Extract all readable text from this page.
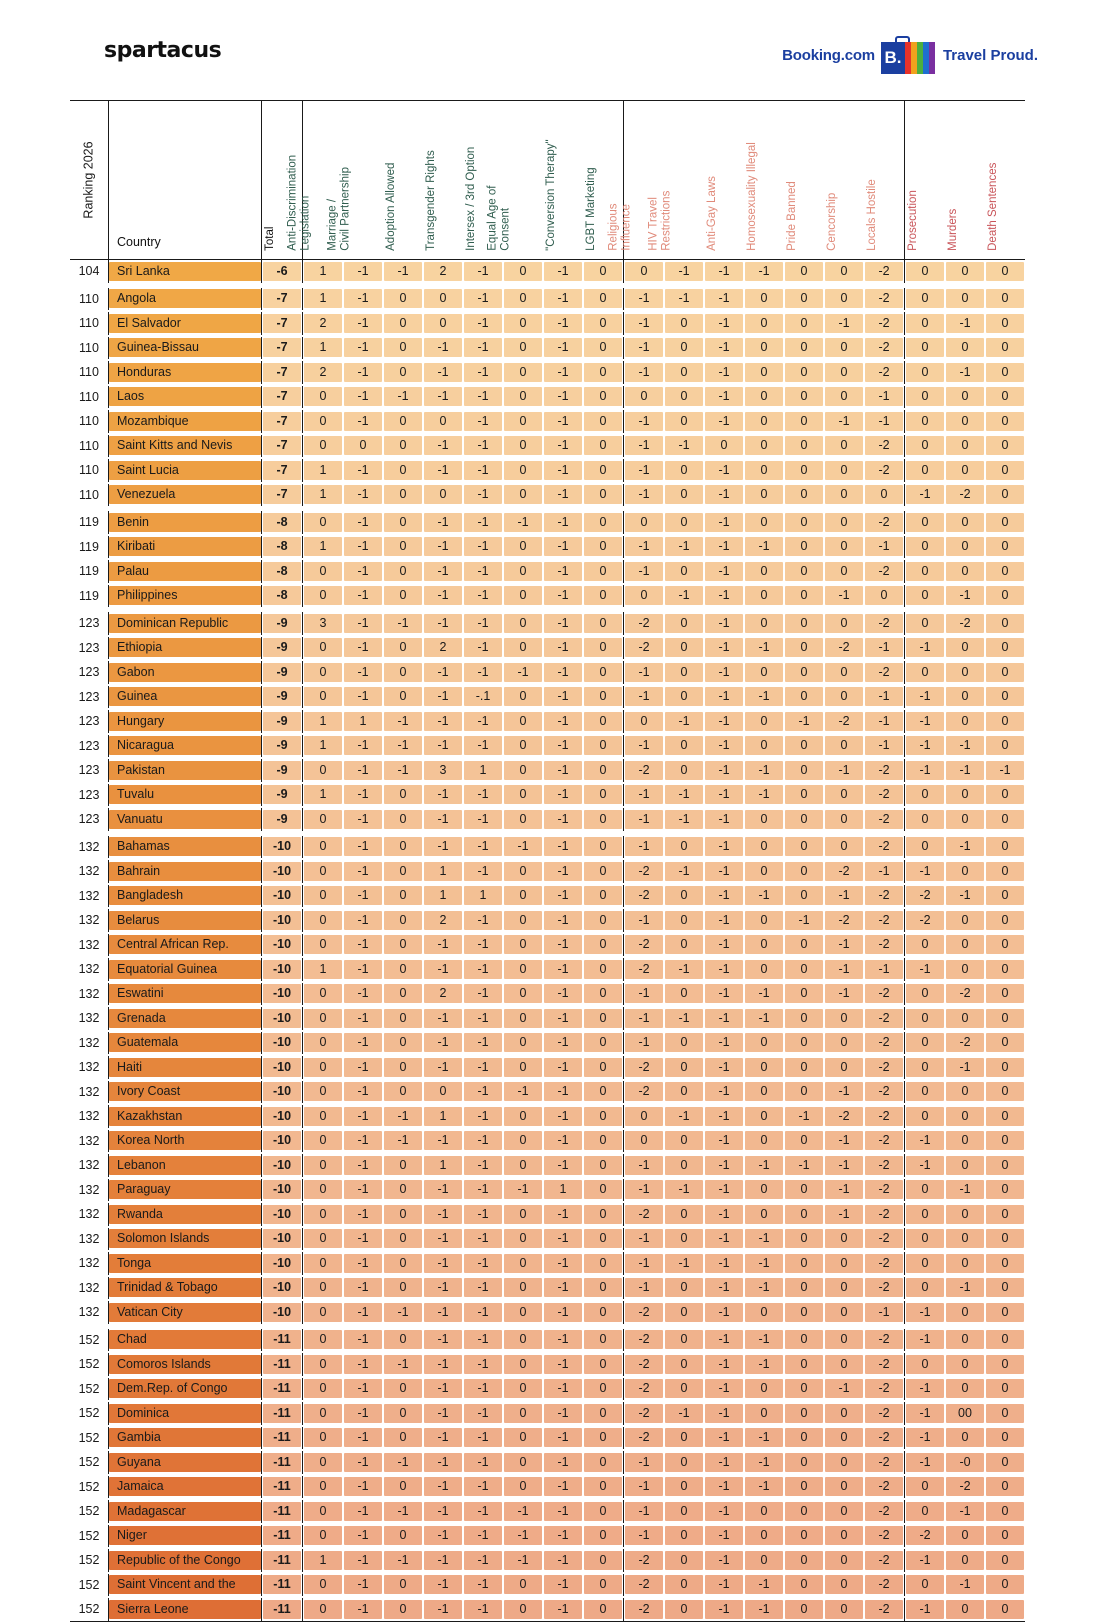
spartacus	Booking.com B.	Travel Proud.
Ranking 2026	Country	Total	Anti-Discrimination Legislation	Marriage / Civil Partnership	Adoption Allowed	Transgender Rights	Intersex / 3rd Option	Equal Age of Consent	"Conversion Therapy"	LGBT Marketing	Religious Influence	HIV Travel Restrictions	Anti-Gay Laws	Homosexuality Illegal	Pride Banned	Cencorship	Locals Hostile	Prosecution	Murders	Death Sentences

104	Sri Lanka	-6	1	-1	-1	2	-1	0	-1	0	0	-1	-1	-1	0	0	-2	0	0	0

110	Angola	-7	1	-1	0	0	-1	0	-1	0	-1	-1	-1	0	0	0	-2	0	0	0

110	El Salvador	-7	2	-1	0	0	-1	0	-1	0	-1	0	-1	0	0	-1	-2	0	-1	0

110	Guinea-Bissau	-7	1	-1	0	-1	-1	0	-1	0	-1	0	-1	0	0	0	-2	0	0	0

110	Honduras	-7	2	-1	0	-1	-1	0	-1	0	-1	0	-1	0	0	0	-2	0	-1	0

110	Laos	-7	0	-1	-1	-1	-1	0	-1	0	0	0	-1	0	0	0	-1	0	0	0

110	Mozambique	-7	0	-1	0	0	-1	0	-1	0	-1	0	-1	0	0	-1	-1	0	0	0

110	Saint Kitts and Nevis	-7	0	0	0	-1	-1	0	-1	0	-1	-1	0	0	0	0	-2	0	0	0

110	Saint Lucia	-7	1	-1	0	-1	-1	0	-1	0	-1	0	-1	0	0	0	-2	0	0	0

110	Venezuela	-7	1	-1	0	0	-1	0	-1	0	-1	0	-1	0	0	0	0	-1	-2	0

119	Benin	-8	0	-1	0	-1	-1	-1	-1	0	0	0	-1	0	0	0	-2	0	0	0

119	Kiribati	-8	1	-1	0	-1	-1	0	-1	0	-1	-1	-1	-1	0	0	-1	0	0	0

119	Palau	-8	0	-1	0	-1	-1	0	-1	0	-1	0	-1	0	0	0	-2	0	0	0

119	Philippines	-8	0	-1	0	-1	-1	0	-1	0	0	-1	-1	0	0	-1	0	0	-1	0

123	Dominican Republic	-9	3	-1	-1	-1	-1	0	-1	0	-2	0	-1	0	0	0	-2	0	-2	0

123	Ethiopia	-9	0	-1	0	2	-1	0	-1	0	-2	0	-1	-1	0	-2	-1	-1	0	0

123	Gabon	-9	0	-1	0	-1	-1	-1	-1	0	-1	0	-1	0	0	0	-2	0	0	0

123	Guinea	-9	0	-1	0	-1	-.1	0	-1	0	-1	0	-1	-1	0	0	-1	-1	0	0

123	Hungary	-9	1	1	-1	-1	-1	0	-1	0	0	-1	-1	0	-1	-2	-1	-1	0	0

123	Nicaragua	-9	1	-1	-1	-1	-1	0	-1	0	-1	0	-1	0	0	0	-1	-1	-1	0

123	Pakistan	-9	0	-1	-1	3	1	0	-1	0	-2	0	-1	-1	0	-1	-2	-1	-1	-1

123	Tuvalu	-9	1	-1	0	-1	-1	0	-1	0	-1	-1	-1	-1	0	0	-2	0	0	0

123	Vanuatu	-9	0	-1	0	-1	-1	0	-1	0	-1	-1	-1	0	0	0	-2	0	0	0

132	Bahamas	-10	0	-1	0	-1	-1	-1	-1	0	-1	0	-1	0	0	0	-2	0	-1	0

132	Bahrain	-10	0	-1	0	1	-1	0	-1	0	-2	-1	-1	0	0	-2	-1	-1	0	0

132	Bangladesh	-10	0	-1	0	1	1	0	-1	0	-2	0	-1	-1	0	-1	-2	-2	-1	0

132	Belarus	-10	0	-1	0	2	-1	0	-1	0	-1	0	-1	0	-1	-2	-2	-2	0	0

132	Central African Rep.	-10	0	-1	0	-1	-1	0	-1	0	-2	0	-1	0	0	-1	-2	0	0	0

132	Equatorial Guinea	-10	1	-1	0	-1	-1	0	-1	0	-2	-1	-1	0	0	-1	-1	-1	0	0

132	Eswatini	-10	0	-1	0	2	-1	0	-1	0	-1	0	-1	-1	0	-1	-2	0	-2	0

132	Grenada	-10	0	-1	0	-1	-1	0	-1	0	-1	-1	-1	-1	0	0	-2	0	0	0

132	Guatemala	-10	0	-1	0	-1	-1	0	-1	0	-1	0	-1	0	0	0	-2	0	-2	0

132	Haiti	-10	0	-1	0	-1	-1	0	-1	0	-2	0	-1	0	0	0	-2	0	-1	0

132	Ivory Coast	-10	0	-1	0	0	-1	-1	-1	0	-2	0	-1	0	0	-1	-2	0	0	0

132	Kazakhstan	-10	0	-1	-1	1	-1	0	-1	0	0	-1	-1	0	-1	-2	-2	0	0	0

132	Korea North	-10	0	-1	-1	-1	-1	0	-1	0	0	0	-1	0	0	-1	-2	-1	0	0

132	Lebanon	-10	0	-1	0	1	-1	0	-1	0	-1	0	-1	-1	-1	-1	-2	-1	0	0

132	Paraguay	-10	0	-1	0	-1	-1	-1	1	0	-1	-1	-1	0	0	-1	-2	0	-1	0

132	Rwanda	-10	0	-1	0	-1	-1	0	-1	0	-2	0	-1	0	0	-1	-2	0	0	0

132	Solomon Islands	-10	0	-1	0	-1	-1	0	-1	0	-1	0	-1	-1	0	0	-2	0	0	0

132	Tonga	-10	0	-1	0	-1	-1	0	-1	0	-1	-1	-1	-1	0	0	-2	0	0	0

132	Trinidad & Tobago	-10	0	-1	0	-1	-1	0	-1	0	-1	0	-1	-1	0	0	-2	0	-1	0

132	Vatican City	-10	0	-1	-1	-1	-1	0	-1	0	-2	0	-1	0	0	0	-1	-1	0	0

152	Chad	-11	0	-1	0	-1	-1	0	-1	0	-2	0	-1	-1	0	0	-2	-1	0	0

152	Comoros Islands	-11	0	-1	-1	-1	-1	0	-1	0	-2	0	-1	-1	0	0	-2	0	0	0

152	Dem.Rep. of Congo	-11	0	-1	0	-1	-1	0	-1	0	-2	0	-1	0	0	-1	-2	-1	0	0

152	Dominica	-11	0	-1	0	-1	-1	0	-1	0	-2	-1	-1	0	0	0	-2	-1	00	0

152	Gambia	-11	0	-1	0	-1	-1	0	-1	0	-2	0	-1	-1	0	0	-2	-1	0	0

152	Guyana	-11	0	-1	-1	-1	-1	0	-1	0	-1	0	-1	-1	0	0	-2	-1	-0	0

152	Jamaica	-11	0	-1	0	-1	-1	0	-1	0	-1	0	-1	-1	0	0	-2	0	-2	0

152	Madagascar	-11	0	-1	-1	-1	-1	-1	-1	0	-1	0	-1	0	0	0	-2	0	-1	0

152	Niger	-11	0	-1	0	-1	-1	-1	-1	0	-1	0	-1	0	0	0	-2	-2	0	0

152	Republic of the Congo	-11	1	-1	-1	-1	-1	-1	-1	0	-2	0	-1	0	0	0	-2	-1	0	0

152	Saint Vincent and the	-11	0	-1	0	-1	-1	0	-1	0	-2	0	-1	-1	0	0	-2	0	-1	0

152	Sierra Leone	-11	0	-1	0	-1	-1	0	-1	0	-2	0	-1	-1	0	0	-2	-1	0	0
